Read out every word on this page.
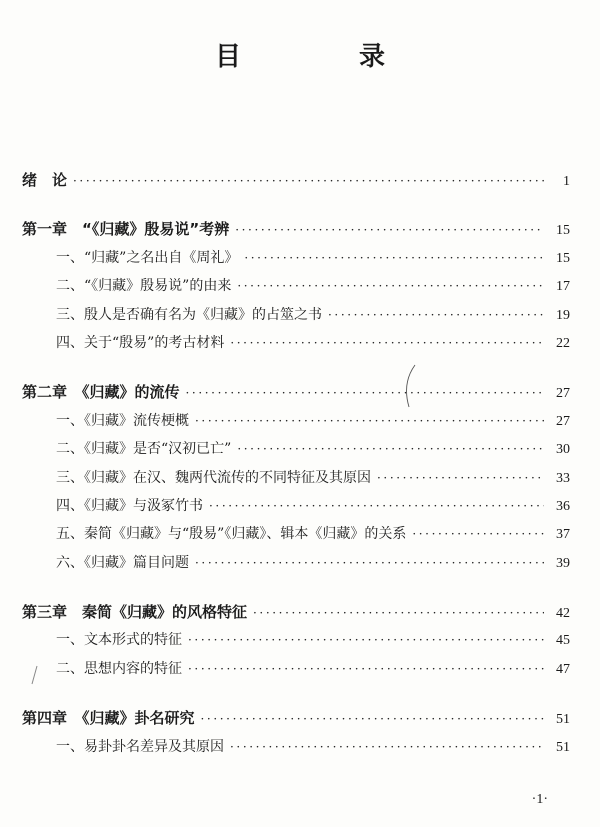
目　录
绪　论 ·····	1
第一章　“《归藏》殷易说”考辨 ·····	15
一、“归藏”之名出自《周礼》 ·····	15
二、“《归藏》殷易说”的由来 ·····	17
三、殷人是否确有名为《归藏》的占筮之书 ·····	19
四、关于“殷易”的考古材料 ·····	22
第二章　《归藏》的流传 ·····	27
一、《归藏》流传梗概 ·····	27
二、《归藏》是否“汉初已亡” ·····	30
三、《归藏》在汉、魏两代流传的不同特征及其原因 ·····	33
四、《归藏》与汲冢竹书 ·····	36
五、秦简《归藏》与“殷易”《归藏》、辑本《归藏》的关系 ·····	37
六、《归藏》篇目问题 ·····	39
第三章　秦简《归藏》的风格特征 ·····	42
一、文本形式的特征 ·····	45
二、思想内容的特征 ·····	47
第四章　《归藏》卦名研究 ·····	51
一、易卦卦名差异及其原因 ·····	51
·1·
